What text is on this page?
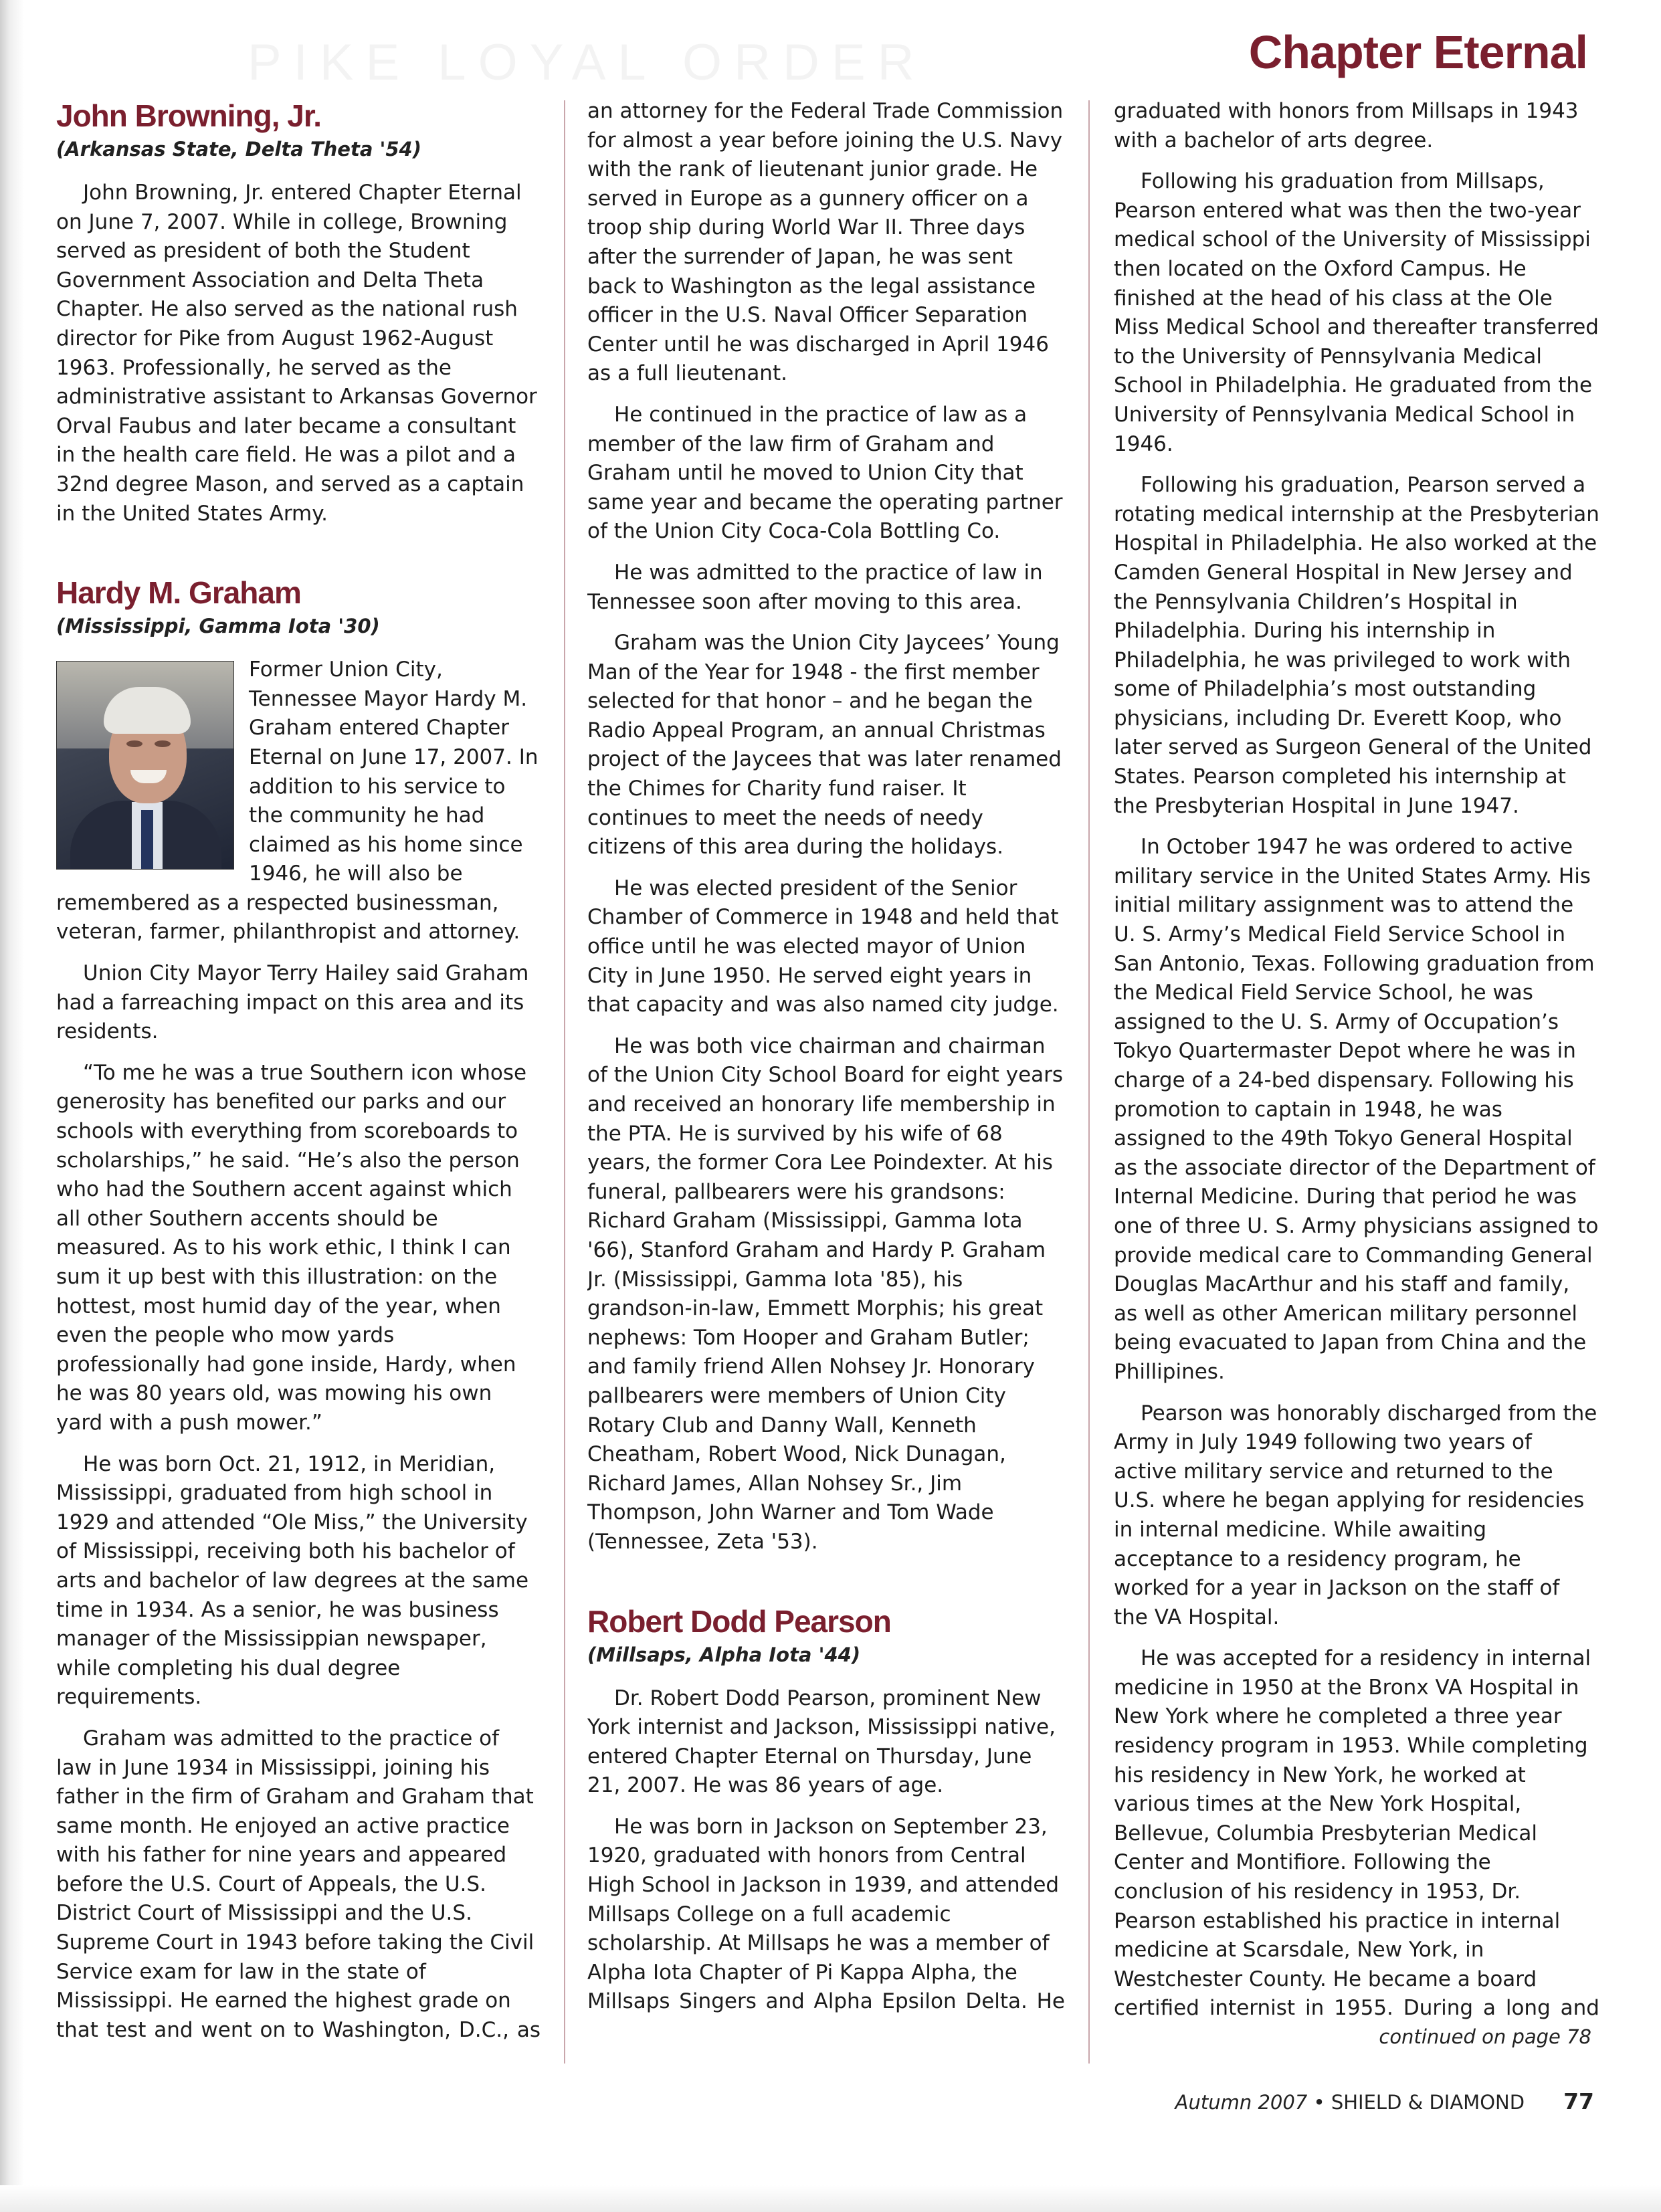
PIKE LOYAL ORDER	Chapter Eternal
John Browning, Jr.
(Arkansas State, Delta Theta '54)

John Browning, Jr. entered Chapter Eternal on June 7, 2007. While in college, Browning served as president of both the Student Government Association and Delta Theta Chapter. He also served as the national rush director for Pike from August 1962-August 1963. Professionally, he served as the administrative assistant to Arkansas Governor Orval Faubus and later became a consultant in the health care field. He was a pilot and a 32nd degree Mason, and served as a captain in the United States Army.

Hardy M. Graham
(Mississippi, Gamma Iota '30)

Former Union City, Tennessee Mayor Hardy M. Graham entered Chapter Eternal on June 17, 2007. In addition to his service to the community he had claimed as his home since 1946, he will also be remembered as a respected businessman, veteran, farmer, philanthropist and attorney.

Union City Mayor Terry Hailey said Graham had a farreaching impact on this area and its residents.

“To me he was a true Southern icon whose generosity has benefited our parks and our schools with everything from scoreboards to scholarships,” he said. “He’s also the person who had the Southern accent against which all other Southern accents should be measured. As to his work ethic, I think I can sum it up best with this illustration: on the hottest, most humid day of the year, when even the people who mow yards professionally had gone inside, Hardy, when he was 80 years old, was mowing his own yard with a push mower.”

He was born Oct. 21, 1912, in Meridian, Mississippi, graduated from high school in 1929 and attended “Ole Miss,” the University of Mississippi, receiving both his bachelor of arts and bachelor of law degrees at the same time in 1934. As a senior, he was business manager of the Mississippian newspaper, while completing his dual degree requirements.

Graham was admitted to the practice of law in June 1934 in Mississippi, joining his father in the firm of Graham and Graham that same month. He enjoyed an active practice with his father for nine years and appeared before the U.S. Court of Appeals, the U.S. District Court of Mississippi and the U.S. Supreme Court in 1943 before taking the Civil Service exam for law in the state of Mississippi. He earned the highest grade on that test and went on to Washington, D.C., as

an attorney for the Federal Trade Commission for almost a year before joining the U.S. Navy with the rank of lieutenant junior grade. He served in Europe as a gunnery officer on a troop ship during World War II. Three days after the surrender of Japan, he was sent back to Washington as the legal assistance officer in the U.S. Naval Officer Separation Center until he was discharged in April 1946 as a full lieutenant.

He continued in the practice of law as a member of the law firm of Graham and Graham until he moved to Union City that same year and became the operating partner of the Union City Coca-Cola Bottling Co.

He was admitted to the practice of law in Tennessee soon after moving to this area.

Graham was the Union City Jaycees’ Young Man of the Year for 1948 - the first member selected for that honor – and he began the Radio Appeal Program, an annual Christmas project of the Jaycees that was later renamed the Chimes for Charity fund raiser. It continues to meet the needs of needy citizens of this area during the holidays.

He was elected president of the Senior Chamber of Commerce in 1948 and held that office until he was elected mayor of Union City in June 1950. He served eight years in that capacity and was also named city judge.

He was both vice chairman and chairman of the Union City School Board for eight years and received an honorary life membership in the PTA. He is survived by his wife of 68 years, the former Cora Lee Poindexter. At his funeral, pallbearers were his grandsons: Richard Graham (Mississippi, Gamma Iota '66), Stanford Graham and Hardy P. Graham Jr. (Mississippi, Gamma Iota '85), his grandson-in-law, Emmett Morphis; his great nephews: Tom Hooper and Graham Butler; and family friend Allen Nohsey Jr. Honorary pallbearers were members of Union City Rotary Club and Danny Wall, Kenneth Cheatham, Robert Wood, Nick Dunagan, Richard James, Allan Nohsey Sr., Jim Thompson, John Warner and Tom Wade (Tennessee, Zeta '53).

Robert Dodd Pearson
(Millsaps, Alpha Iota '44)

Dr. Robert Dodd Pearson, prominent New York internist and Jackson, Mississippi native, entered Chapter Eternal on Thursday, June 21, 2007. He was 86 years of age.

He was born in Jackson on September 23, 1920, graduated with honors from Central High School in Jackson in 1939, and attended Millsaps College on a full academic scholarship. At Millsaps he was a member of Alpha Iota Chapter of Pi Kappa Alpha, the Millsaps Singers and Alpha Epsilon Delta. He

graduated with honors from Millsaps in 1943 with a bachelor of arts degree.

Following his graduation from Millsaps, Pearson entered what was then the two-year medical school of the University of Mississippi then located on the Oxford Campus. He finished at the head of his class at the Ole Miss Medical School and thereafter transferred to the University of Pennsylvania Medical School in Philadelphia. He graduated from the University of Pennsylvania Medical School in 1946.

Following his graduation, Pearson served a rotating medical internship at the Presbyterian Hospital in Philadelphia. He also worked at the Camden General Hospital in New Jersey and the Pennsylvania Children’s Hospital in Philadelphia. During his internship in Philadelphia, he was privileged to work with some of Philadelphia’s most outstanding physicians, including Dr. Everett Koop, who later served as Surgeon General of the United States. Pearson completed his internship at the Presbyterian Hospital in June 1947.

In October 1947 he was ordered to active military service in the United States Army. His initial military assignment was to attend the U. S. Army’s Medical Field Service School in San Antonio, Texas. Following graduation from the Medical Field Service School, he was assigned to the U. S. Army of Occupation’s Tokyo Quartermaster Depot where he was in charge of a 24-bed dispensary. Following his promotion to captain in 1948, he was assigned to the 49th Tokyo General Hospital as the associate director of the Department of Internal Medicine. During that period he was one of three U. S. Army physicians assigned to provide medical care to Commanding General Douglas MacArthur and his staff and family, as well as other American military personnel being evacuated to Japan from China and the Phillipines.

Pearson was honorably discharged from the Army in July 1949 following two years of active military service and returned to the U.S. where he began applying for residencies in internal medicine. While awaiting acceptance to a residency program, he worked for a year in Jackson on the staff of the VA Hospital.

He was accepted for a residency in internal medicine in 1950 at the Bronx VA Hospital in New York where he completed a three year residency program in 1953. While completing his residency in New York, he worked at various times at the New York Hospital, Bellevue, Columbia Presbyterian Medical Center and Montifiore. Following the conclusion of his residency in 1953, Dr. Pearson established his practice in internal medicine at Scarsdale, New York, in Westchester County. He became a board certified internist in 1955. During a long and

continued on page 78
Autumn 2007 • SHIELD & DIAMOND 77
